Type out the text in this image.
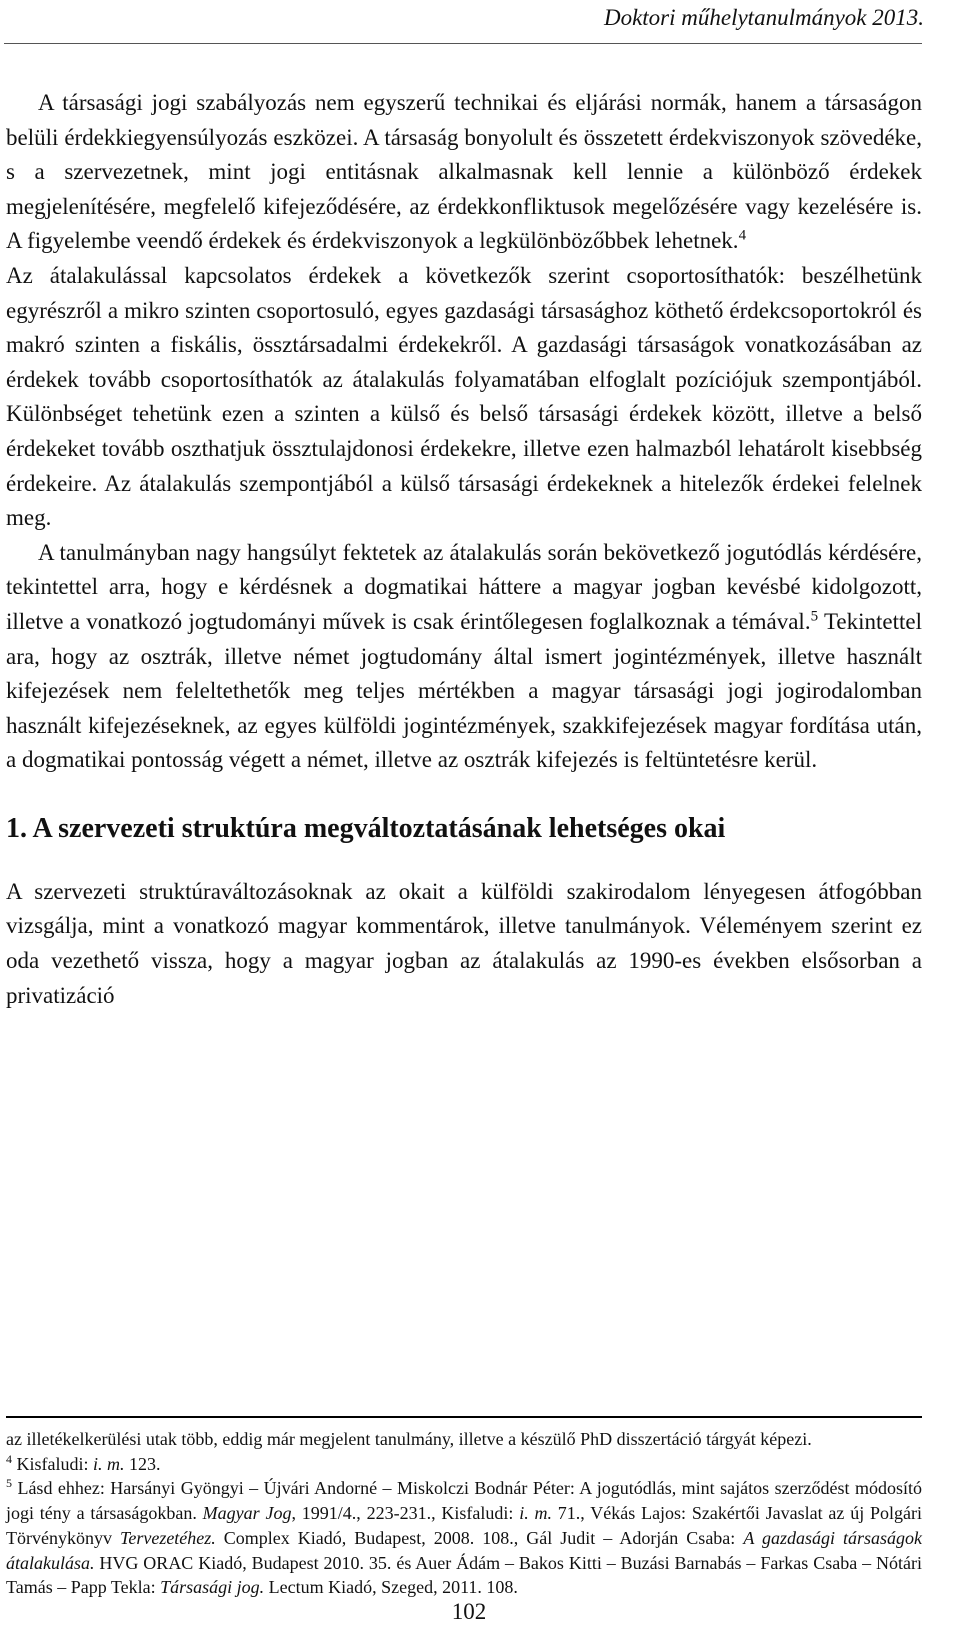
Doktori műhelytanulmányok 2013.

A társasági jogi szabályozás nem egyszerű technikai és eljárási normák, hanem a társaságon belüli érdekkiegyensúlyozás eszközei. A társaság bonyolult és összetett érdekviszonyok szövedéke, s a szervezetnek, mint jogi entitásnak alkalmasnak kell lennie a különböző érdekek megjelenítésére, megfelelő kifejeződésére, az érdekkonfliktusok megelőzésére vagy kezelésére is. A figyelembe veendő érdekek és érdekviszonyok a legkülönbözőbbek lehetnek.$^4$

Az átalakulással kapcsolatos érdekek a következők szerint csoportosíthatók: beszélhetünk egyrészről a mikro szinten csoportosuló, egyes gazdasági társasághoz köthető érdekcsoportokról és makró szinten a fiskális, össztársadalmi érdekekről. A gazdasági társaságok vonatkozásában az érdekek tovább csoportosíthatók az átalakulás folyamatában elfoglalt pozíciójuk szempontjából. Különbséget tehetünk ezen a szinten a külső és belső társasági érdekek között, illetve a belső érdekeket tovább oszthatjuk össztulajdonosi érdekekre, illetve ezen halmazból lehatárolt kisebbség érdekeire. Az átalakulás szempontjából a külső társasági érdekeknek a hitelezők érdekei felelnek meg.

A tanulmányban nagy hangsúlyt fektetek az átalakulás során bekövetkező jogutódlás kérdésére, tekintettel arra, hogy e kérdésnek a dogmatikai háttere a magyar jogban kevésbé kidolgozott, illetve a vonatkozó jogtudományi művek is csak érintőlegesen foglalkoznak a témával.$^5$ Tekintettel ara, hogy az osztrák, illetve német jogtudomány által ismert jogintézmények, illetve használt kifejezések nem feleltethetők meg teljes mértékben a magyar társasági jogi jogirodalomban használt kifejezéseknek, az egyes külföldi jogintézmények, szakkifejezések magyar fordítása után, a dogmatikai pontosság végett a német, illetve az osztrák kifejezés is feltüntetésre kerül.

1. A szervezeti struktúra megváltoztatásának lehetséges okai

A szervezeti struktúraváltozásoknak az okait a külföldi szakirodalom lényegesen átfogóbban vizsgálja, mint a vonatkozó magyar kommentárok, illetve tanulmányok. Véleményem szerint ez oda vezethető vissza, hogy a magyar jogban az átalakulás az 1990-es években elsősorban a privatizáció

az illetékelkerülési utak több, eddig már megjelent tanulmány, illetve a készülő PhD disszertáció tárgyát képezi.

$^4$ Kisfaludi: i. m. 123.

$^5$ Lásd ehhez: Harsányi Gyöngyi – Újvári Andorné – Miskolczi Bodnár Péter: A jogutódlás, mint sajátos szerződést módosító jogi tény a társaságokban. Magyar Jog, 1991/4., 223-231., Kisfaludi: i. m. 71., Vékás Lajos: Szakértői Javaslat az új Polgári Törvénykönyv Tervezetéhez. Complex Kiadó, Budapest, 2008. 108., Gál Judit – Adorján Csaba: A gazdasági társaságok átalakulása. HVG ORAC Kiadó, Budapest 2010. 35. és Auer Ádám – Bakos Kitti – Buzási Barnabás – Farkas Csaba – Nótári Tamás – Papp Tekla: Társasági jog. Lectum Kiadó, Szeged, 2011. 108.

102
